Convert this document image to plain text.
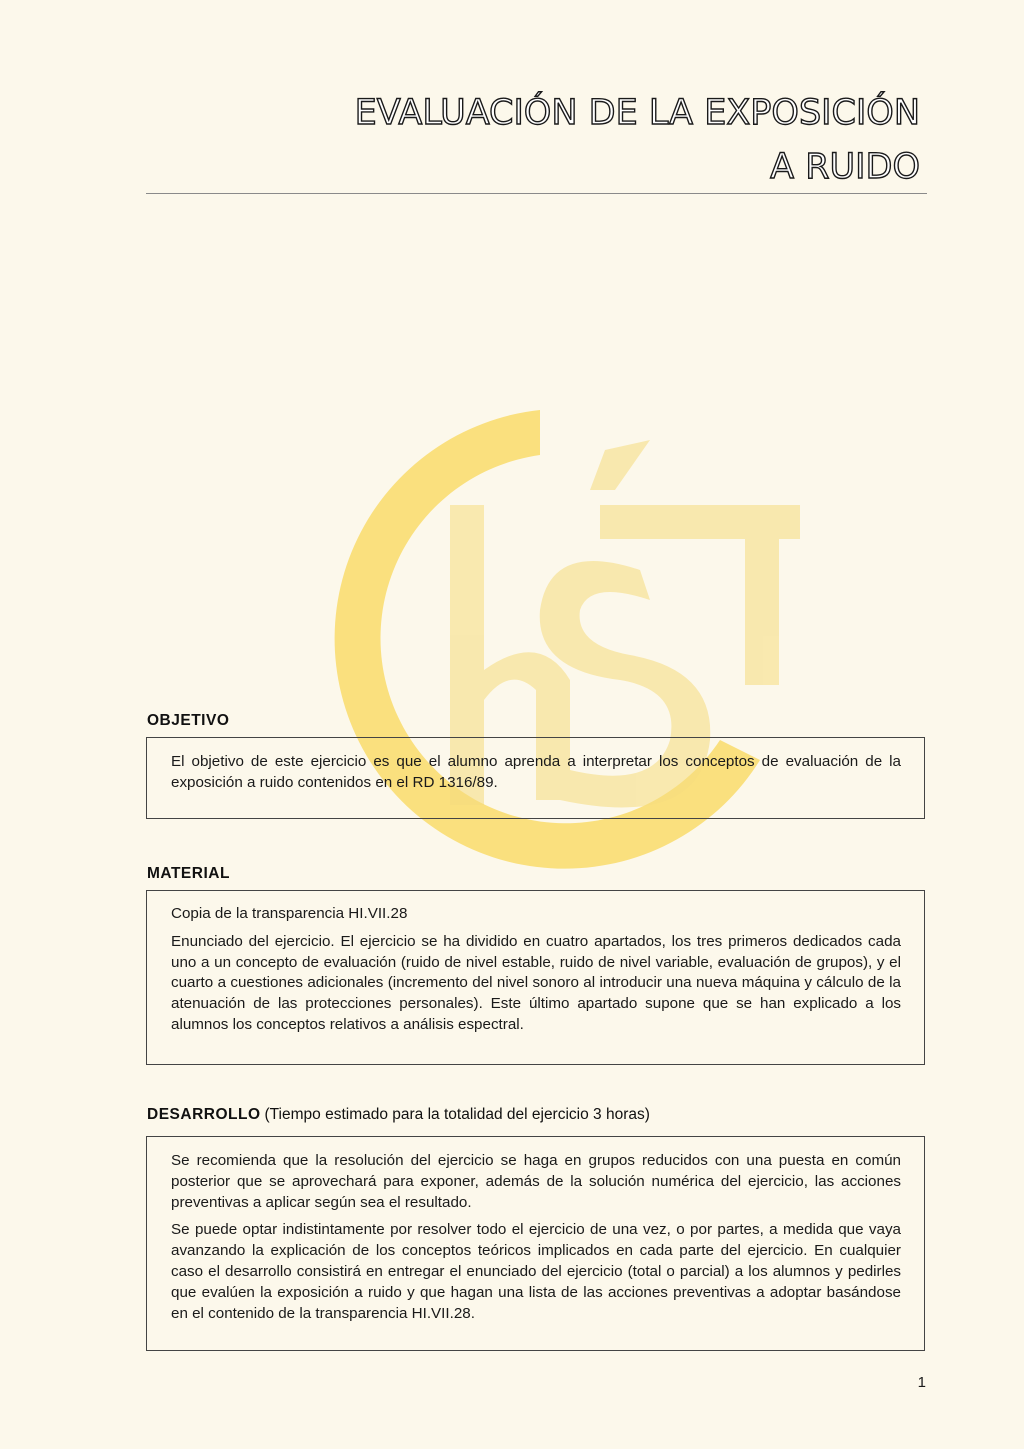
EVALUACIÓN DE LA EXPOSICIÓN
A RUIDO
OBJETIVO

El objetivo de este ejercicio es que el alumno aprenda a interpretar los conceptos de evaluación de la exposición a ruido contenidos en el RD 1316/89.

MATERIAL

Copia de la transparencia HI.VII.28

Enunciado del ejercicio. El ejercicio se ha dividido en cuatro apartados, los tres primeros dedicados cada uno a un concepto de evaluación (ruido de nivel estable, ruido de nivel variable, evaluación de grupos), y el cuarto a cuestiones adicionales (incremento del nivel sonoro al introducir una nueva máquina y cálculo de la atenuación de las protecciones personales). Este último apartado supone que se han explicado a los alumnos los conceptos relativos a análisis espectral.

DESARROLLO (Tiempo estimado para la totalidad del ejercicio 3 horas)

Se recomienda que la resolución del ejercicio se haga en grupos reducidos con una puesta en común posterior que se aprovechará para exponer, además de la solución numérica del ejercicio, las acciones preventivas a aplicar según sea el resultado.

Se puede optar indistintamente por resolver todo el ejercicio de una vez, o por partes, a medida que vaya avanzando la explicación de los conceptos teóricos implicados en cada parte del ejercicio. En cualquier caso el desarrollo consistirá en entregar el enunciado del ejercicio (total o parcial) a los alumnos y pedirles que evalúen la exposición a ruido y que hagan una lista de las acciones preventivas a adoptar basándose en el contenido de la transparencia HI.VII.28.

1
